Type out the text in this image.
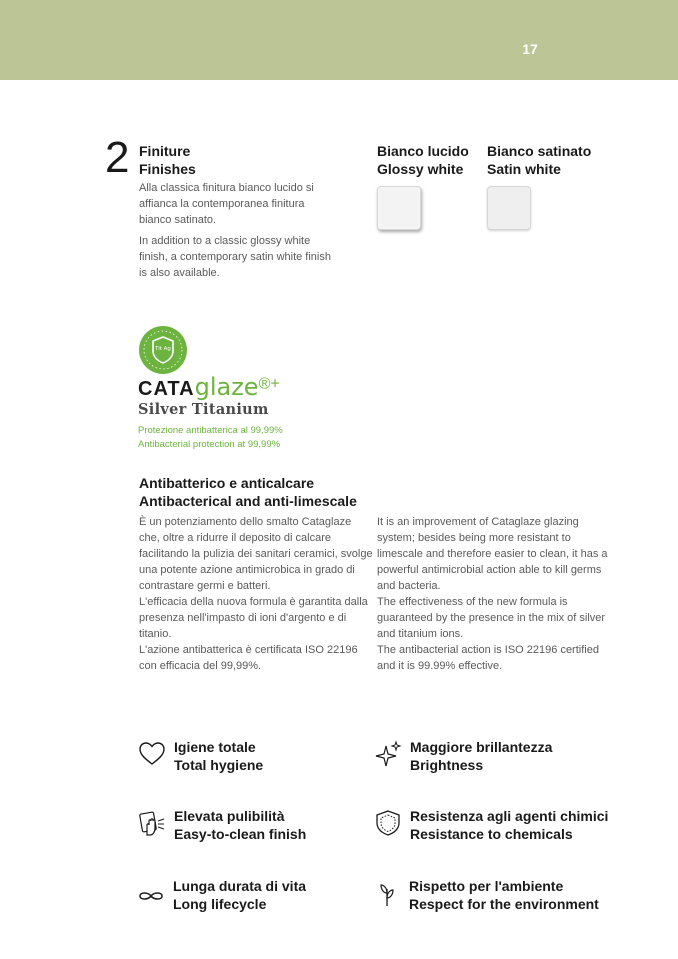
17
2 Finiture
Finishes

Alla classica finitura bianco lucido si affianca la contemporanea finitura bianco satinato.

In addition to a classic glossy white finish, a contemporary satin white finish is also available.

Bianco lucido
Glossy white
Bianco satinato
Satin white
Tit Ag
CATAglaze®+
Silver Titanium
Protezione antibatterica al 99,99%
Antibacterial protection at 99,99%
Antibatterico e anticalcare
Antibacterical and anti-limescale

È un potenziamento dello smalto Cataglaze che, oltre a ridurre il deposito di calcare facilitando la pulizia dei sanitari ceramici, svolge una potente azione antimicrobica in grado di contrastare germi e batteri.

L'efficacia della nuova formula è garantita dalla presenza nell'impasto di ioni d'argento e di titanio.

L'azione antibatterica è certificata ISO 22196 con efficacia del 99,99%.

It is an improvement of Cataglaze glazing system; besides being more resistant to limescale and therefore easier to clean, it has a powerful antimicrobial action able to kill germs and bacteria.

The effectiveness of the new formula is guaranteed by the presence in the mix of silver and titanium ions.

The antibacterial action is ISO 22196 certified and it is 99.99% effective.

Igiene totale
Total hygiene
Maggiore brillantezza
Brightness
Elevata pulibilità
Easy-to-clean finish
Resistenza agli agenti chimici
Resistance to chemicals
Lunga durata di vita
Long lifecycle
Rispetto per l'ambiente
Respect for the environment
